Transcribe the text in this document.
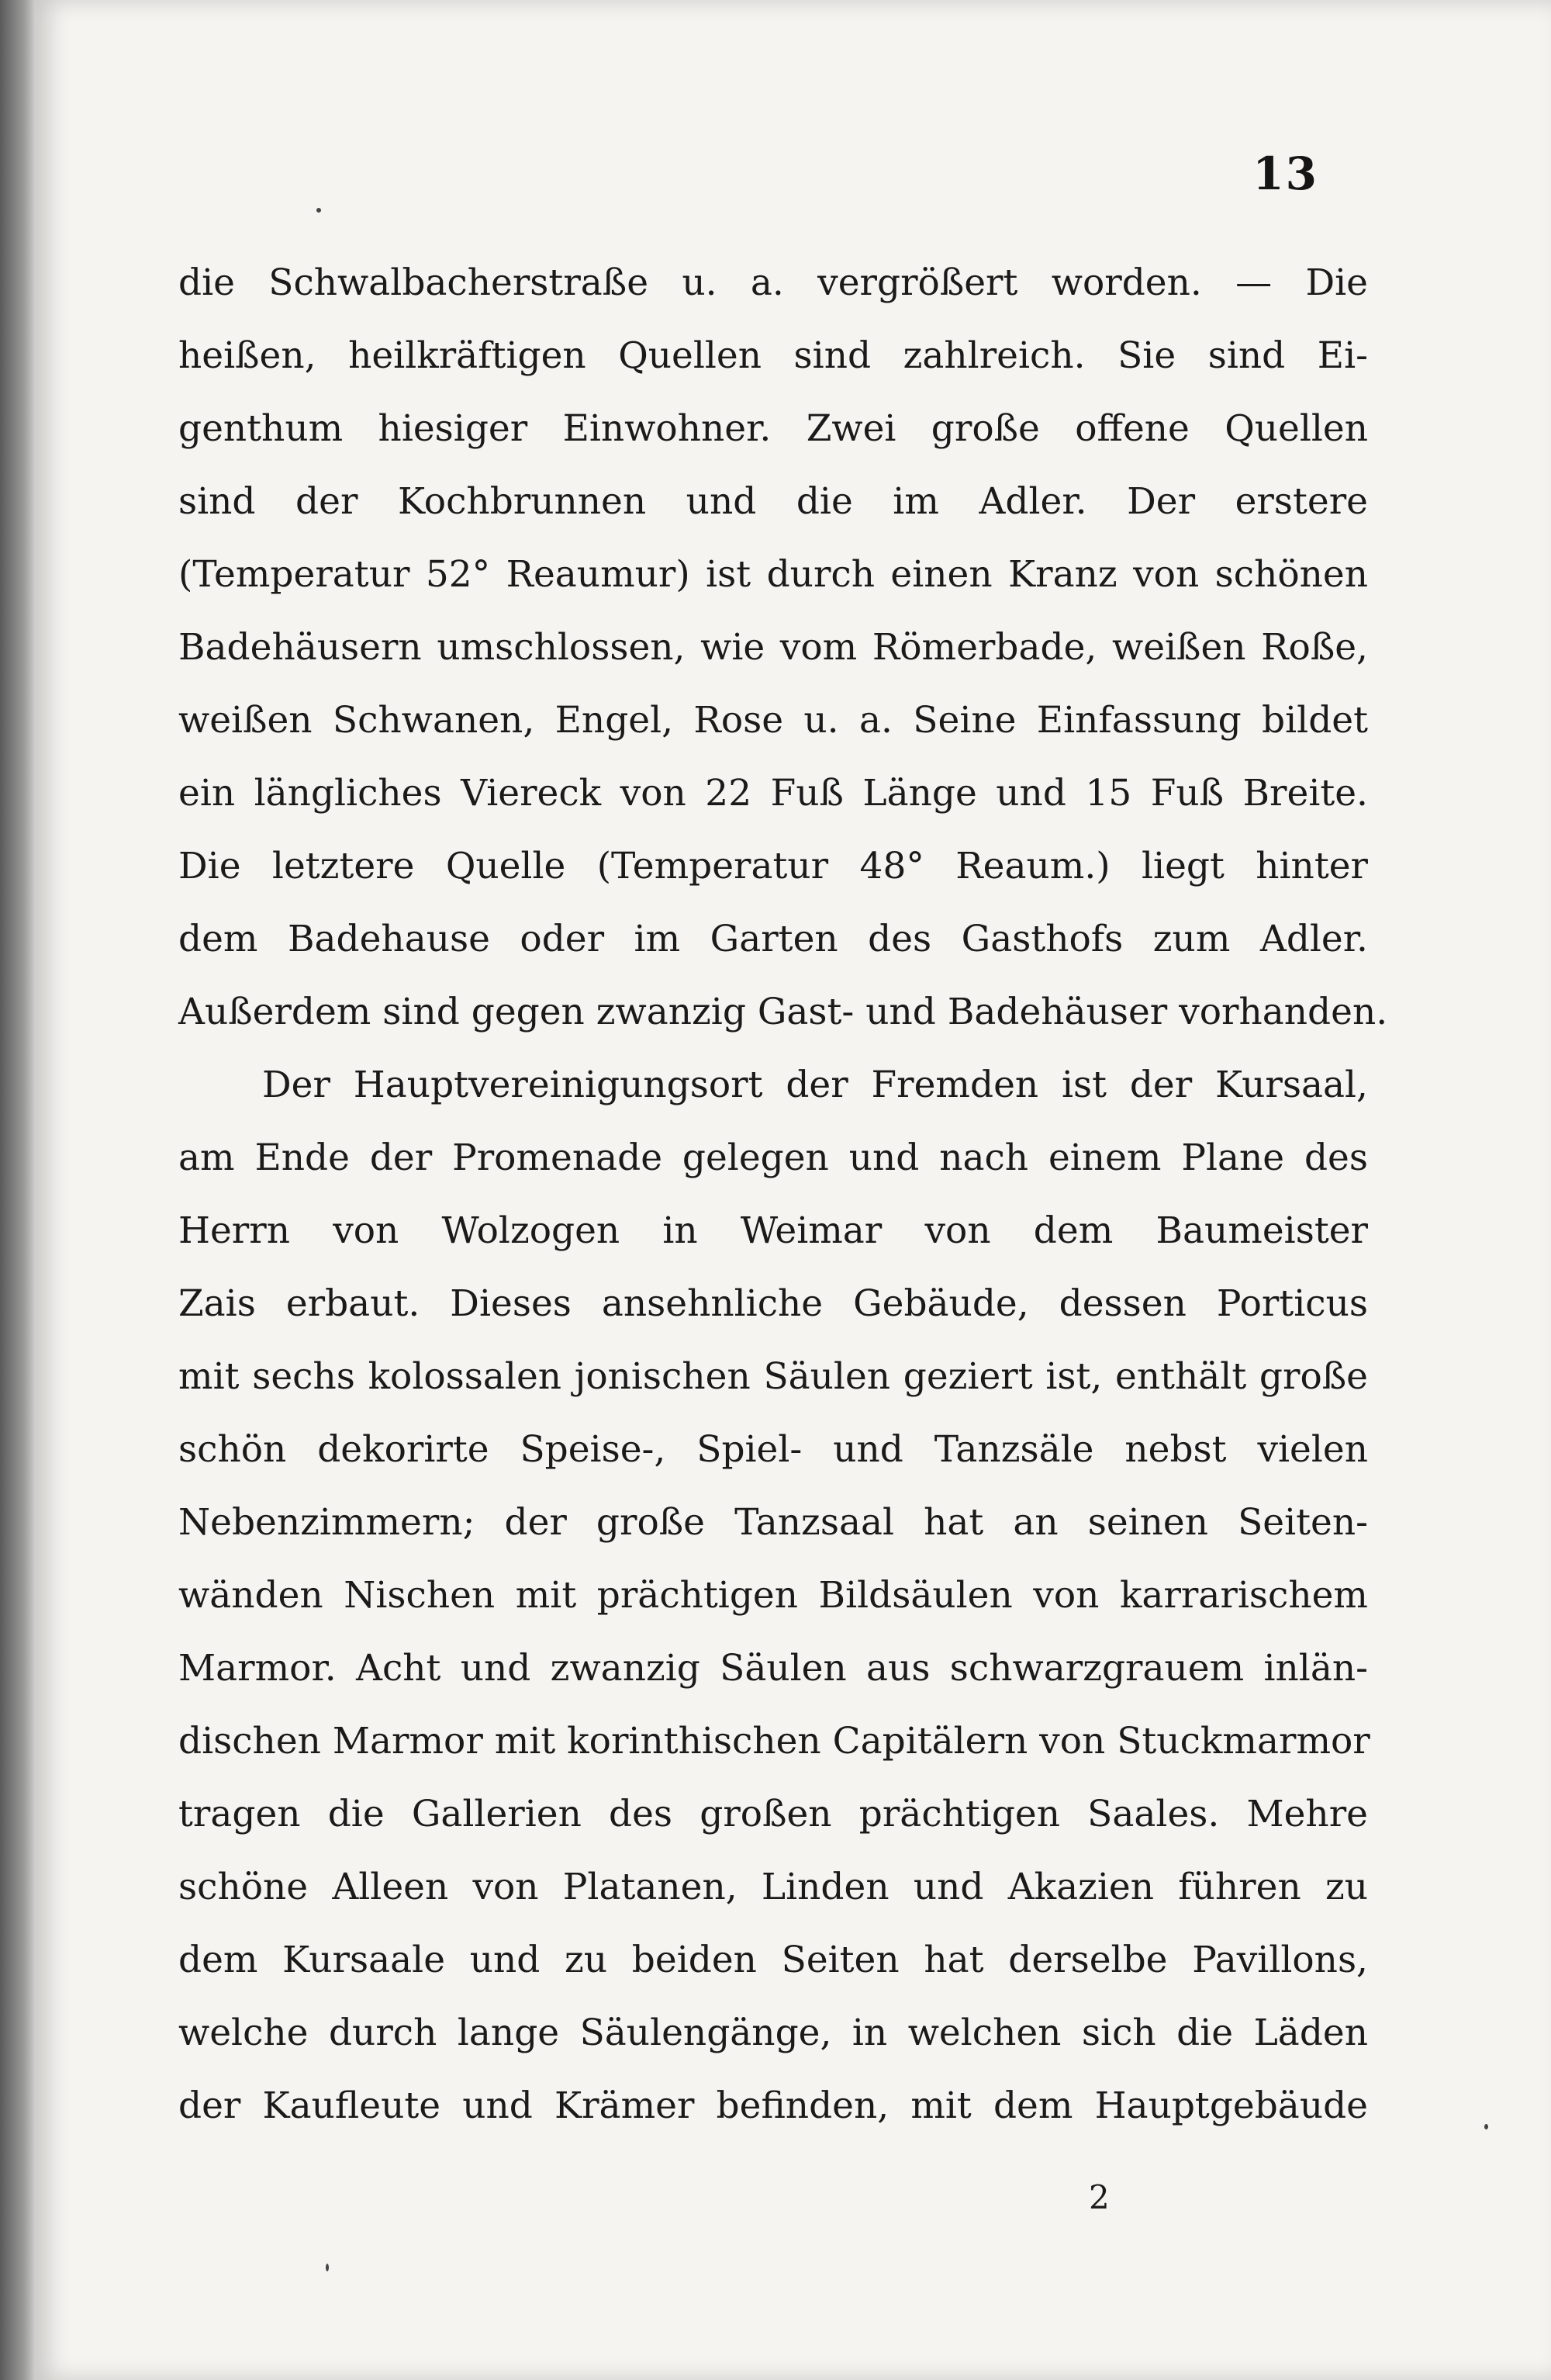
13
die Schwalbacherstraße u. a. vergrößert worden. — Die
heißen, heilkräftigen Quellen sind zahlreich. Sie sind Ei-
genthum hiesiger Einwohner. Zwei große offene Quellen
sind der Kochbrunnen und die im Adler. Der erstere
(Temperatur 52° Reaumur) ist durch einen Kranz von schönen
Badehäusern umschlossen, wie vom Römerbade, weißen Roße,
weißen Schwanen, Engel, Rose u. a. Seine Einfassung bildet
ein längliches Viereck von 22 Fuß Länge und 15 Fuß Breite.
Die letztere Quelle (Temperatur 48° Reaum.) liegt hinter
dem Badehause oder im Garten des Gasthofs zum Adler.
Außerdem sind gegen zwanzig Gast- und Badehäuser vorhanden.
Der Hauptvereinigungsort der Fremden ist der Kursaal,
am Ende der Promenade gelegen und nach einem Plane des
Herrn von Wolzogen in Weimar von dem Baumeister
Zais erbaut. Dieses ansehnliche Gebäude, dessen Porticus
mit sechs kolossalen jonischen Säulen geziert ist, enthält große
schön dekorirte Speise-, Spiel- und Tanzsäle nebst vielen
Nebenzimmern; der große Tanzsaal hat an seinen Seiten-
wänden Nischen mit prächtigen Bildsäulen von karrarischem
Marmor. Acht und zwanzig Säulen aus schwarzgrauem inlän-
dischen Marmor mit korinthischen Capitälern von Stuckmarmor
tragen die Gallerien des großen prächtigen Saales. Mehre
schöne Alleen von Platanen, Linden und Akazien führen zu
dem Kursaale und zu beiden Seiten hat derselbe Pavillons,
welche durch lange Säulengänge, in welchen sich die Läden
der Kaufleute und Krämer befinden, mit dem Hauptgebäude
2
